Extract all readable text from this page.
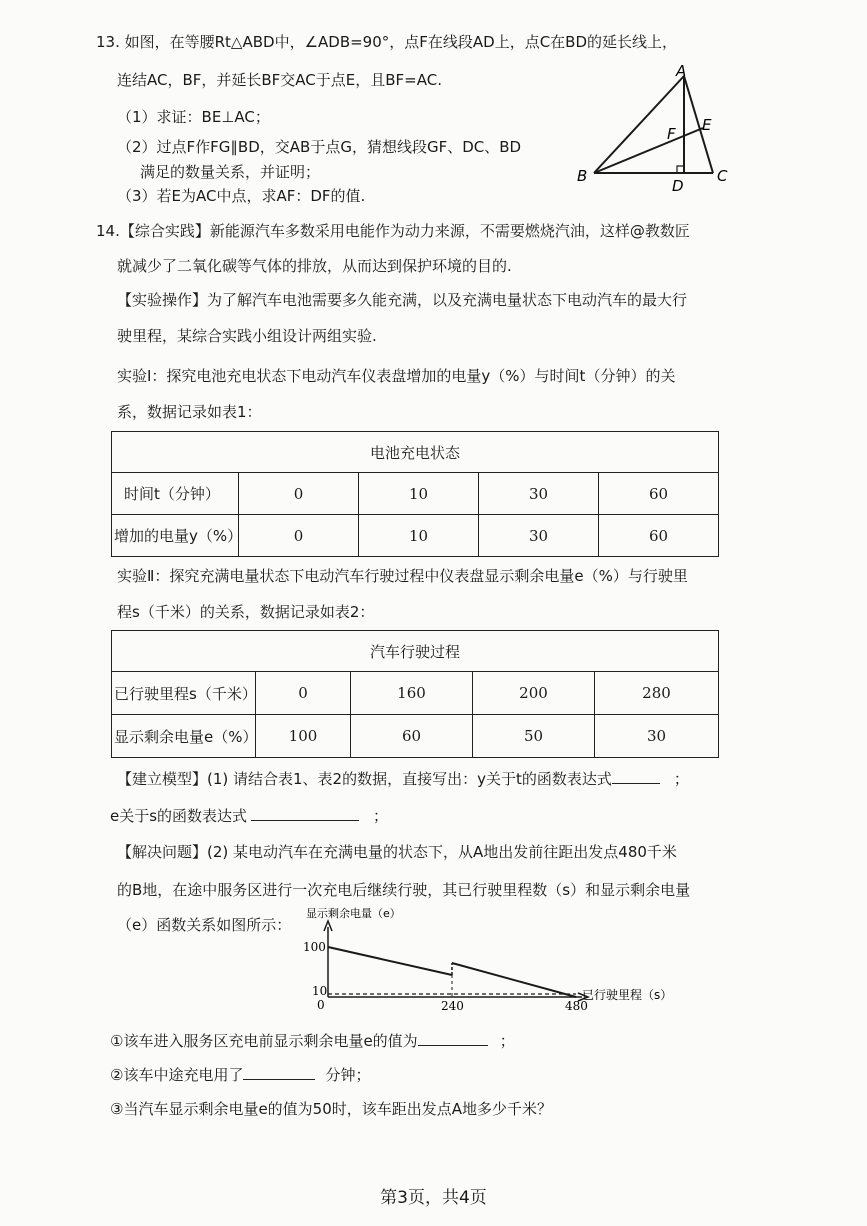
13. 如图，在等腰Rt△ABD中，∠ADB=90°，点F在线段AD上，点C在BD的延长线上，
连结AC，BF，并延长BF交AC于点E，且BF=AC.
（1）求证：BE⊥AC；
（2）过点F作FG∥BD，交AB于点G，猜想线段GF、DC、BD
满足的数量关系，并证明；
（3）若E为AC中点，求AF：DF的值.
A
B	C
D
E
F
14.【综合实践】新能源汽车多数采用电能作为动力来源，不需要燃烧汽油，这样@教数匠
就减少了二氧化碳等气体的排放，从而达到保护环境的目的.
【实验操作】为了解汽车电池需要多久能充满，以及充满电量状态下电动汽车的最大行
驶里程，某综合实践小组设计两组实验.
实验Ⅰ：探究电池充电状态下电动汽车仪表盘增加的电量y（%）与时间t（分钟）的关
系，数据记录如表1：
电池充电状态				
时间t（分钟）	0	10	30	60
增加的电量y（%）	0	10	30	60
实验Ⅱ：探究充满电量状态下电动汽车行驶过程中仪表盘显示剩余电量e（%）与行驶里
程s（千米）的关系，数据记录如表2：
汽车行驶过程				
已行驶里程s（千米）	0	160	200	280
显示剩余电量e（%）	100	60	50	30
【建立模型】(1) 请结合表1、表2的数据，直接写出：y关于t的函数表达式	；
e关于s的函数表达式	；
【解决问题】(2) 某电动汽车在充满电量的状态下，从A地出发前往距出发点480千米
的B地，在途中服务区进行一次充电后继续行驶，其已行驶里程数（s）和显示剩余电量
（e）函数关系如图所示：
显示剩余电量（e）
100
10
0	240	480
已行驶里程（s）
①该车进入服务区充电前显示剩余电量e的值为	；
②该车中途充电用了	分钟；
③当汽车显示剩余电量e的值为50时，该车距出发点A地多少千米？
第3页，共4页
